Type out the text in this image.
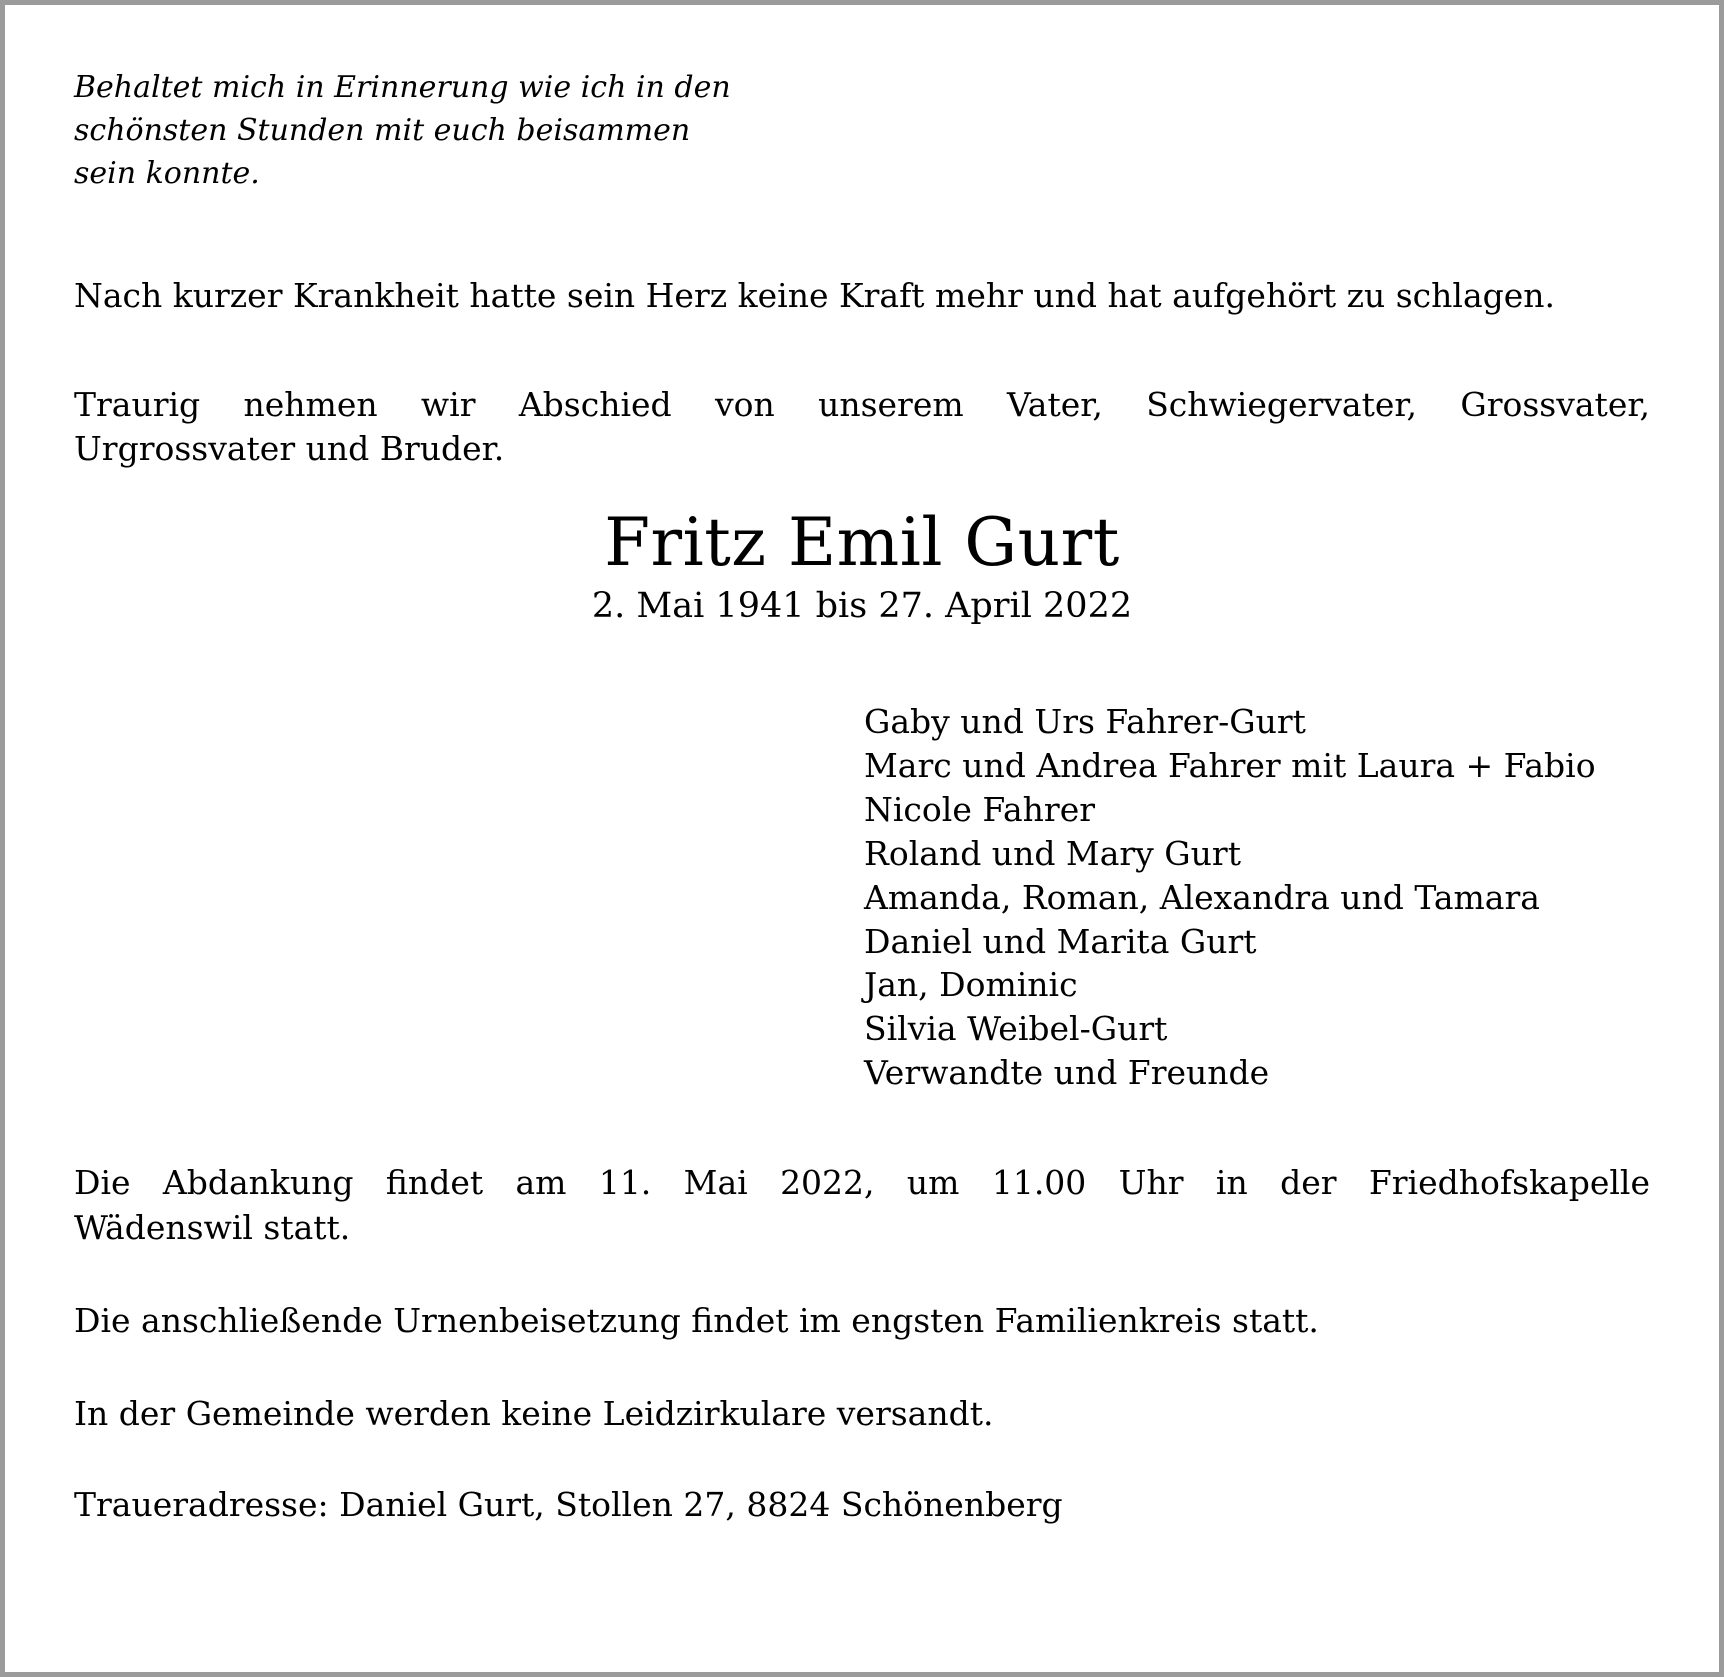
Behaltet mich in Erinnerung wie ich in den schönsten Stunden mit euch beisammen sein konnte.
Nach kurzer Krankheit hatte sein Herz keine Kraft mehr und hat aufgehört zu schlagen.
Traurig nehmen wir Abschied von unserem Vater, Schwiegervater, Grossvater,
Urgrossvater und Bruder.
Fritz Emil Gurt
2. Mai 1941 bis 27. April 2022
Gaby und Urs Fahrer-Gurt
Marc und Andrea Fahrer mit Laura + Fabio
Nicole Fahrer
Roland und Mary Gurt
Amanda, Roman, Alexandra und Tamara
Daniel und Marita Gurt
Jan, Dominic
Silvia Weibel-Gurt
Verwandte und Freunde
Die Abdankung findet am 11. Mai 2022, um 11.00 Uhr in der Friedhofskapelle
Wädenswil statt.
Die anschließende Urnenbeisetzung findet im engsten Familienkreis statt.
In der Gemeinde werden keine Leidzirkulare versandt.
Traueradresse: Daniel Gurt, Stollen 27, 8824 Schönenberg
